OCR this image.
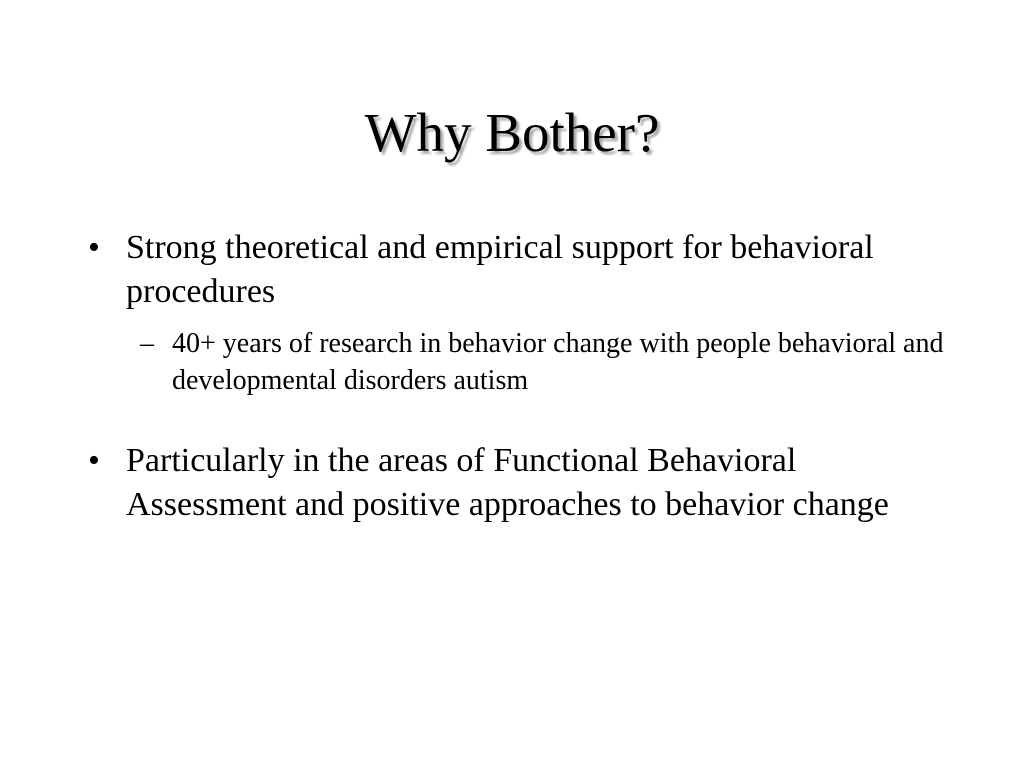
Why Bother?
• Strong theoretical and empirical support for behavioral procedures
– 40+ years of research in behavior change with people behavioral and developmental disorders autism
• Particularly in the areas of Functional Behavioral Assessment and positive approaches to behavior change
